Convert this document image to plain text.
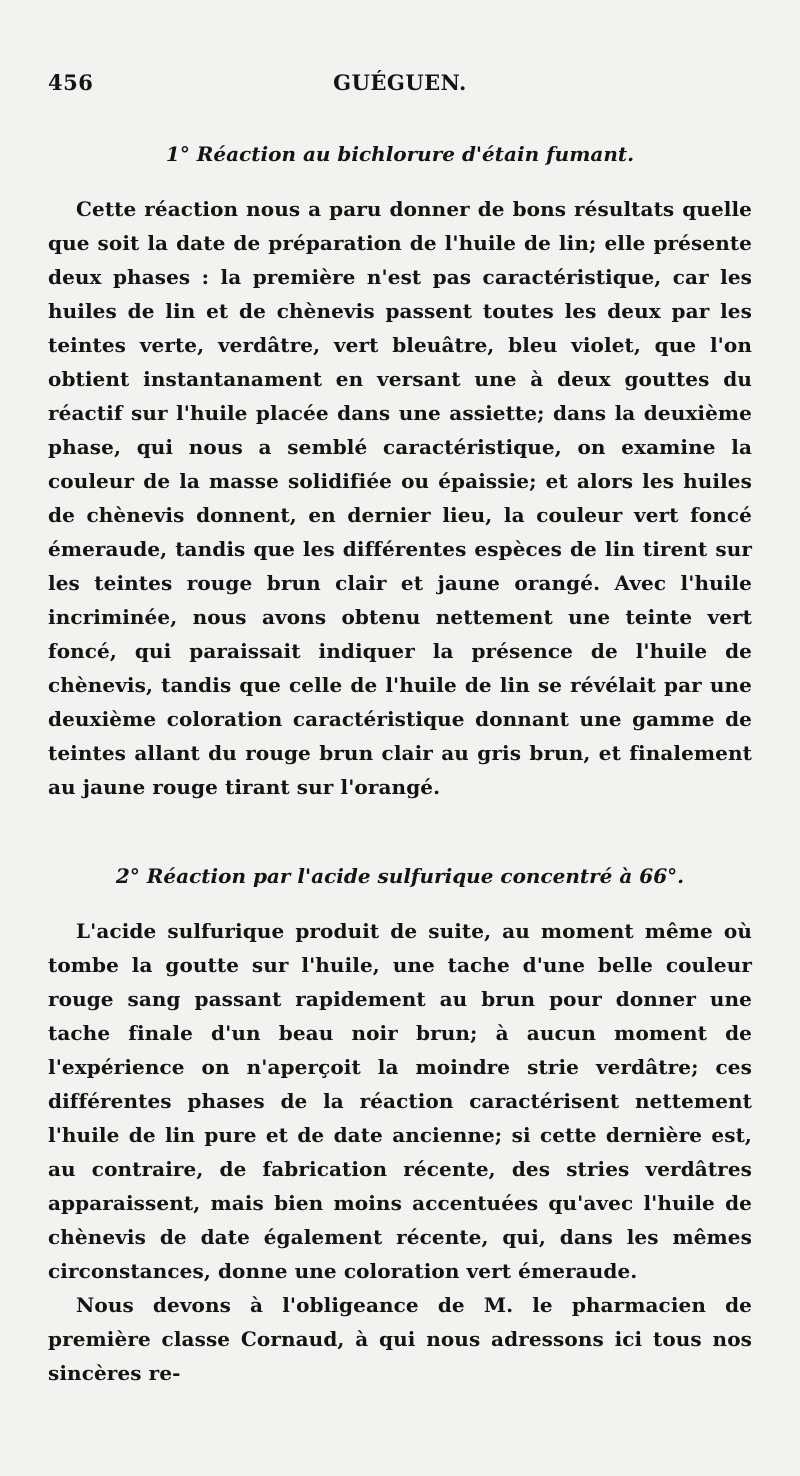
456	GUÉGUEN.
1° Réaction au bichlorure d'étain fumant.

Cette réaction nous a paru donner de bons résultats quelle que soit la date de préparation de l'huile de lin; elle présente deux phases : la première n'est pas caractéristique, car les huiles de lin et de chènevis passent toutes les deux par les teintes verte, verdâtre, vert bleuâtre, bleu violet, que l'on obtient instantanament en versant une à deux gouttes du réactif sur l'huile placée dans une assiette; dans la deuxième phase, qui nous a semblé caractéristique, on examine la couleur de la masse solidifiée ou épaissie; et alors les huiles de chènevis donnent, en dernier lieu, la couleur vert foncé émeraude, tandis que les différentes espèces de lin tirent sur les teintes rouge brun clair et jaune orangé. Avec l'huile incriminée, nous avons obtenu nettement une teinte vert foncé, qui paraissait indiquer la présence de l'huile de chènevis, tandis que celle de l'huile de lin se révélait par une deuxième coloration caractéristique donnant une gamme de teintes allant du rouge brun clair au gris brun, et finalement au jaune rouge tirant sur l'orangé.

2° Réaction par l'acide sulfurique concentré à 66°.

L'acide sulfurique produit de suite, au moment même où tombe la goutte sur l'huile, une tache d'une belle couleur rouge sang passant rapidement au brun pour donner une tache finale d'un beau noir brun; à aucun moment de l'expérience on n'aperçoit la moindre strie verdâtre; ces différentes phases de la réaction caractérisent nettement l'huile de lin pure et de date ancienne; si cette dernière est, au contraire, de fabrication récente, des stries verdâtres apparaissent, mais bien moins accentuées qu'avec l'huile de chènevis de date également récente, qui, dans les mêmes circonstances, donne une coloration vert émeraude.

Nous devons à l'obligeance de M. le pharmacien de première classe Cornaud, à qui nous adressons ici tous nos sincères re-
